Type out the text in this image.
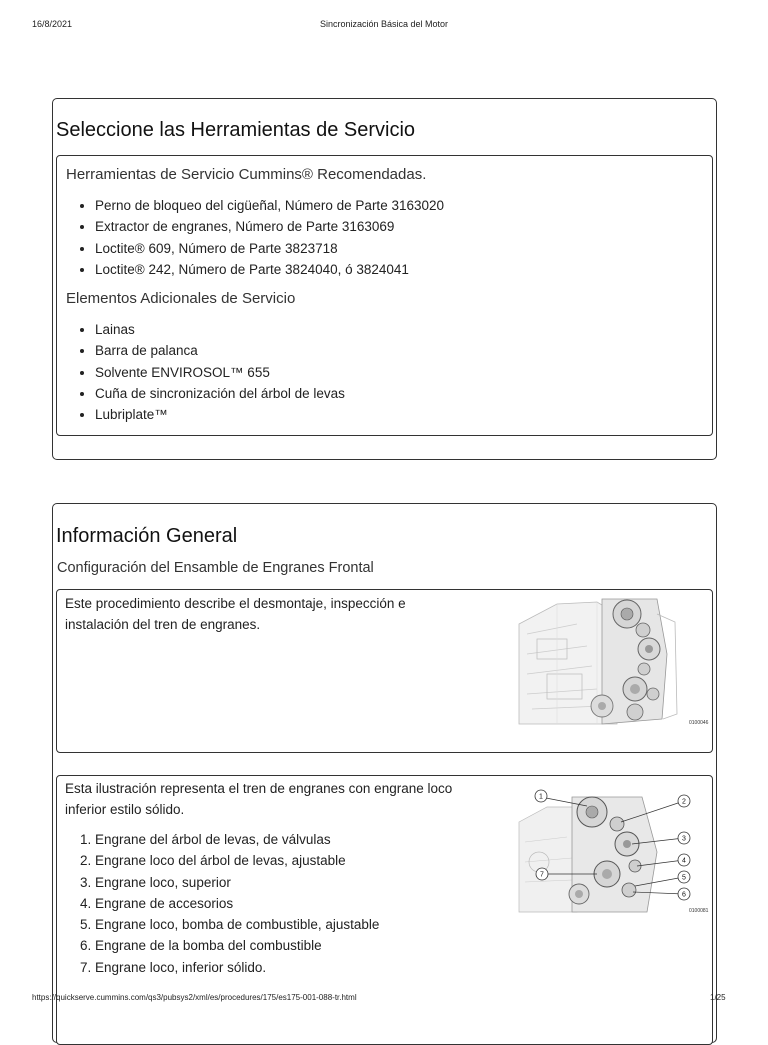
16/8/2021	Sincronización Básica del Motor
Seleccione las Herramientas de Servicio
Herramientas de Servicio Cummins® Recomendadas.
• Perno de bloqueo del cigüeñal, Número de Parte 3163020
• Extractor de engranes, Número de Parte 3163069
• Loctite® 609, Número de Parte 3823718
• Loctite® 242, Número de Parte 3824040, ó 3824041
Elementos Adicionales de Servicio
• Lainas
• Barra de palanca
• Solvente ENVIROSOL™ 655
• Cuña de sincronización del árbol de levas
• Lubriplate™
Información General
Configuración del Ensamble de Engranes Frontal
Este procedimiento describe el desmontaje, inspección e instalación del tren de engranes.
0100046
Esta ilustración representa el tren de engranes con engrane loco inferior estilo sólido.
1. Engrane del árbol de levas, de válvulas
2. Engrane loco del árbol de levas, ajustable
3. Engrane loco, superior
4. Engrane de accesorios
5. Engrane loco, bomba de combustible, ajustable
6. Engrane de la bomba del combustible
7. Engrane loco, inferior sólido.
1
2
3
4
5
6
7
0100081
https://quickserve.cummins.com/qs3/pubsys2/xml/es/procedures/175/es175-001-088-tr.html	1/25
